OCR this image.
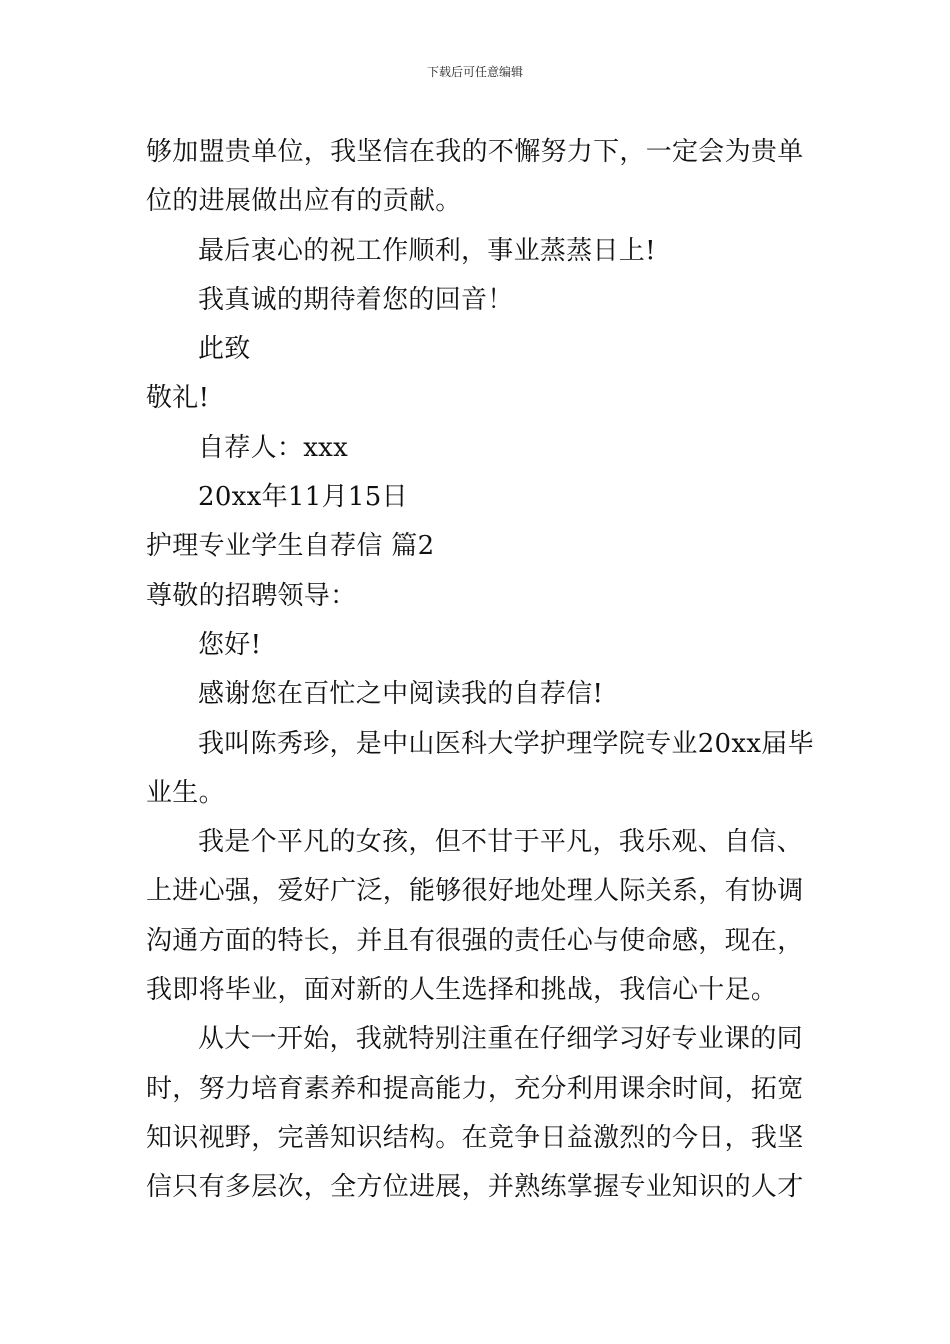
下载后可任意编辑
够加盟贵单位，我坚信在我的不懈努力下，一定会为贵单
位的进展做出应有的贡献。
最后衷心的祝工作顺利，事业蒸蒸日上!
我真诚的期待着您的回音！
此致
敬礼!
自荐人：xxx
20xx年11月15日
护理专业学生自荐信 篇2
尊敬的招聘领导：
您好!
感谢您在百忙之中阅读我的自荐信!
我叫陈秀珍，是中山医科大学护理学院专业20xx届毕
业生。
我是个平凡的女孩，但不甘于平凡，我乐观、自信、
上进心强，爱好广泛，能够很好地处理人际关系，有协调
沟通方面的特长，并且有很强的责任心与使命感，现在，
我即将毕业，面对新的人生选择和挑战，我信心十足。
从大一开始，我就特别注重在仔细学习好专业课的同
时，努力培育素养和提高能力，充分利用课余时间，拓宽
知识视野，完善知识结构。在竞争日益激烈的今日，我坚
信只有多层次，全方位进展，并熟练掌握专业知识的人才
